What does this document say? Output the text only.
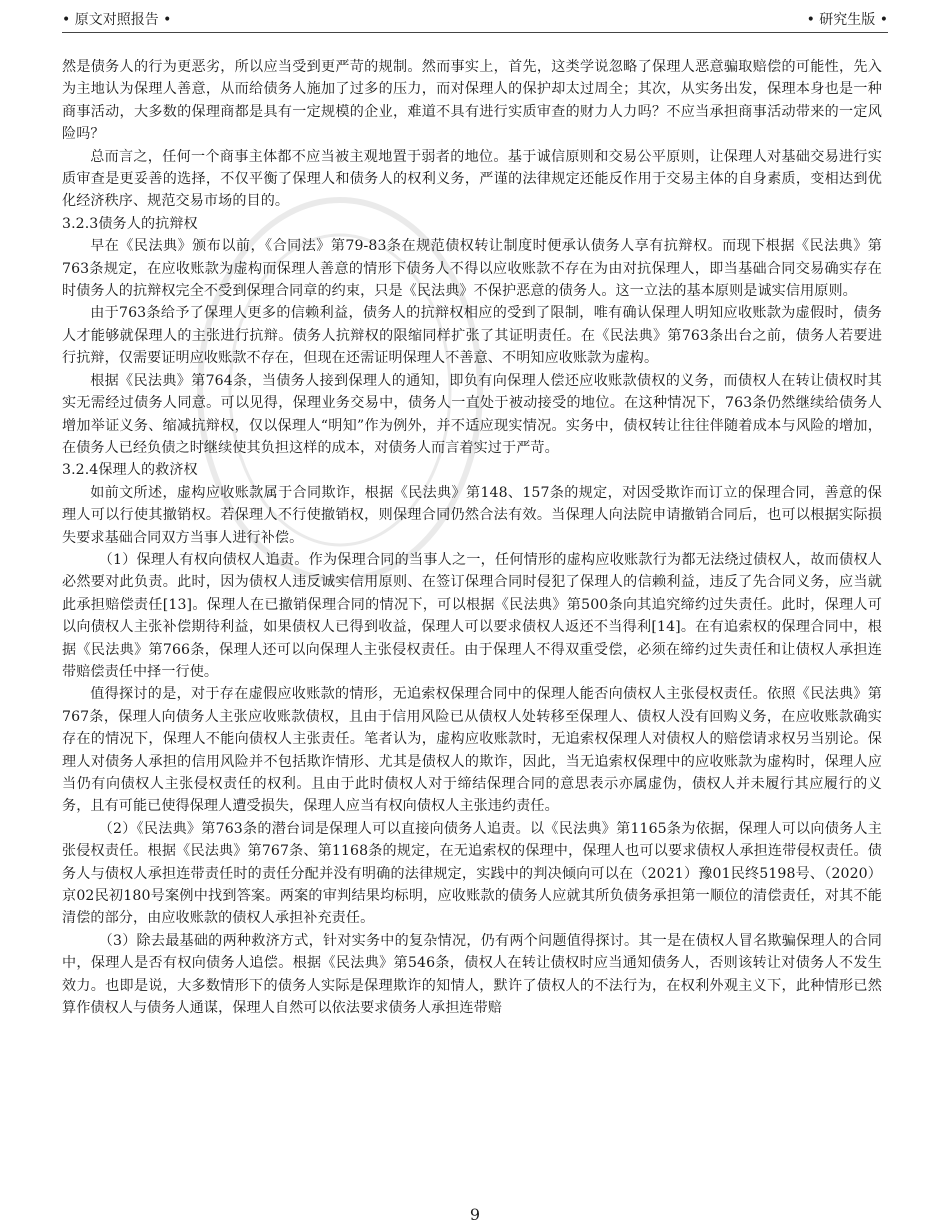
• 原文对照报告 •	• 研究生版 •

然是债务人的行为更恶劣，所以应当受到更严苛的规制。然而事实上，首先，这类学说忽略了保理人恶意骗取赔偿的可能性，先入为主地认为保理人善意，从而给债务人施加了过多的压力，而对保理人的保护却太过周全；其次，从实务出发，保理本身也是一种商事活动，大多数的保理商都是具有一定规模的企业，难道不具有进行实质审查的财力人力吗？不应当承担商事活动带来的一定风险吗？

总而言之，任何一个商事主体都不应当被主观地置于弱者的地位。基于诚信原则和交易公平原则，让保理人对基础交易进行实质审查是更妥善的选择，不仅平衡了保理人和债务人的权利义务，严谨的法律规定还能反作用于交易主体的自身素质，变相达到优化经济秩序、规范交易市场的目的。

3.2.3债务人的抗辩权

早在《民法典》颁布以前，《合同法》第79-83条在规范债权转让制度时便承认债务人享有抗辩权。而现下根据《民法典》第763条规定，在应收账款为虚构而保理人善意的情形下债务人不得以应收账款不存在为由对抗保理人，即当基础合同交易确实存在时债务人的抗辩权完全不受到保理合同章的约束，只是《民法典》不保护恶意的债务人。这一立法的基本原则是诚实信用原则。

由于763条给予了保理人更多的信赖利益，债务人的抗辩权相应的受到了限制，唯有确认保理人明知应收账款为虚假时，债务人才能够就保理人的主张进行抗辩。债务人抗辩权的限缩同样扩张了其证明责任。在《民法典》第763条出台之前，债务人若要进行抗辩，仅需要证明应收账款不存在，但现在还需证明保理人不善意、不明知应收账款为虚构。

根据《民法典》第764条，当债务人接到保理人的通知，即负有向保理人偿还应收账款债权的义务，而债权人在转让债权时其实无需经过债务人同意。可以见得，保理业务交易中，债务人一直处于被动接受的地位。在这种情况下，763条仍然继续给债务人增加举证义务、缩减抗辩权，仅以保理人“明知”作为例外，并不适应现实情况。实务中，债权转让往往伴随着成本与风险的增加，在债务人已经负债之时继续使其负担这样的成本，对债务人而言着实过于严苛。

3.2.4保理人的救济权

如前文所述，虚构应收账款属于合同欺诈，根据《民法典》第148、157条的规定，对因受欺诈而订立的保理合同，善意的保理人可以行使其撤销权。若保理人不行使撤销权，则保理合同仍然合法有效。当保理人向法院申请撤销合同后，也可以根据实际损失要求基础合同双方当事人进行补偿。

（1）保理人有权向债权人追责。作为保理合同的当事人之一，任何情形的虚构应收账款行为都无法绕过债权人，故而债权人必然要对此负责。此时，因为债权人违反诚实信用原则、在签订保理合同时侵犯了保理人的信赖利益，违反了先合同义务，应当就此承担赔偿责任[13]。保理人在已撤销保理合同的情况下，可以根据《民法典》第500条向其追究缔约过失责任。此时，保理人可以向债权人主张补偿期待利益，如果债权人已得到收益，保理人可以要求债权人返还不当得利[14]。在有追索权的保理合同中，根据《民法典》第766条，保理人还可以向保理人主张侵权责任。由于保理人不得双重受偿，必须在缔约过失责任和让债权人承担连带赔偿责任中择一行使。

值得探讨的是，对于存在虚假应收账款的情形，无追索权保理合同中的保理人能否向债权人主张侵权责任。依照《民法典》第767条，保理人向债务人主张应收账款债权，且由于信用风险已从债权人处转移至保理人、债权人没有回购义务，在应收账款确实存在的情况下，保理人不能向债权人主张责任。笔者认为，虚构应收账款时，无追索权保理人对债权人的赔偿请求权另当别论。保理人对债务人承担的信用风险并不包括欺诈情形、尤其是债权人的欺诈，因此，当无追索权保理中的应收账款为虚构时，保理人应当仍有向债权人主张侵权责任的权利。且由于此时债权人对于缔结保理合同的意思表示亦属虚伪，债权人并未履行其应履行的义务，且有可能已使得保理人遭受损失，保理人应当有权向债权人主张违约责任。

（2）《民法典》第763条的潜台词是保理人可以直接向债务人追责。以《民法典》第1165条为依据，保理人可以向债务人主张侵权责任。根据《民法典》第767条、第1168条的规定，在无追索权的保理中，保理人也可以要求债权人承担连带侵权责任。债务人与债权人承担连带责任时的责任分配并没有明确的法律规定，实践中的判决倾向可以在（2021）豫01民终5198号、（2020）京02民初180号案例中找到答案。两案的审判结果均标明，应收账款的债务人应就其所负债务承担第一顺位的清偿责任，对其不能清偿的部分，由应收账款的债权人承担补充责任。

（3）除去最基础的两种救济方式，针对实务中的复杂情况，仍有两个问题值得探讨。其一是在债权人冒名欺骗保理人的合同中，保理人是否有权向债务人追偿。根据《民法典》第546条，债权人在转让债权时应当通知债务人，否则该转让对债务人不发生效力。也即是说，大多数情形下的债务人实际是保理欺诈的知情人，默许了债权人的不法行为，在权利外观主义下，此种情形已然算作债权人与债务人通谋，保理人自然可以依法要求债务人承担连带赔

9
